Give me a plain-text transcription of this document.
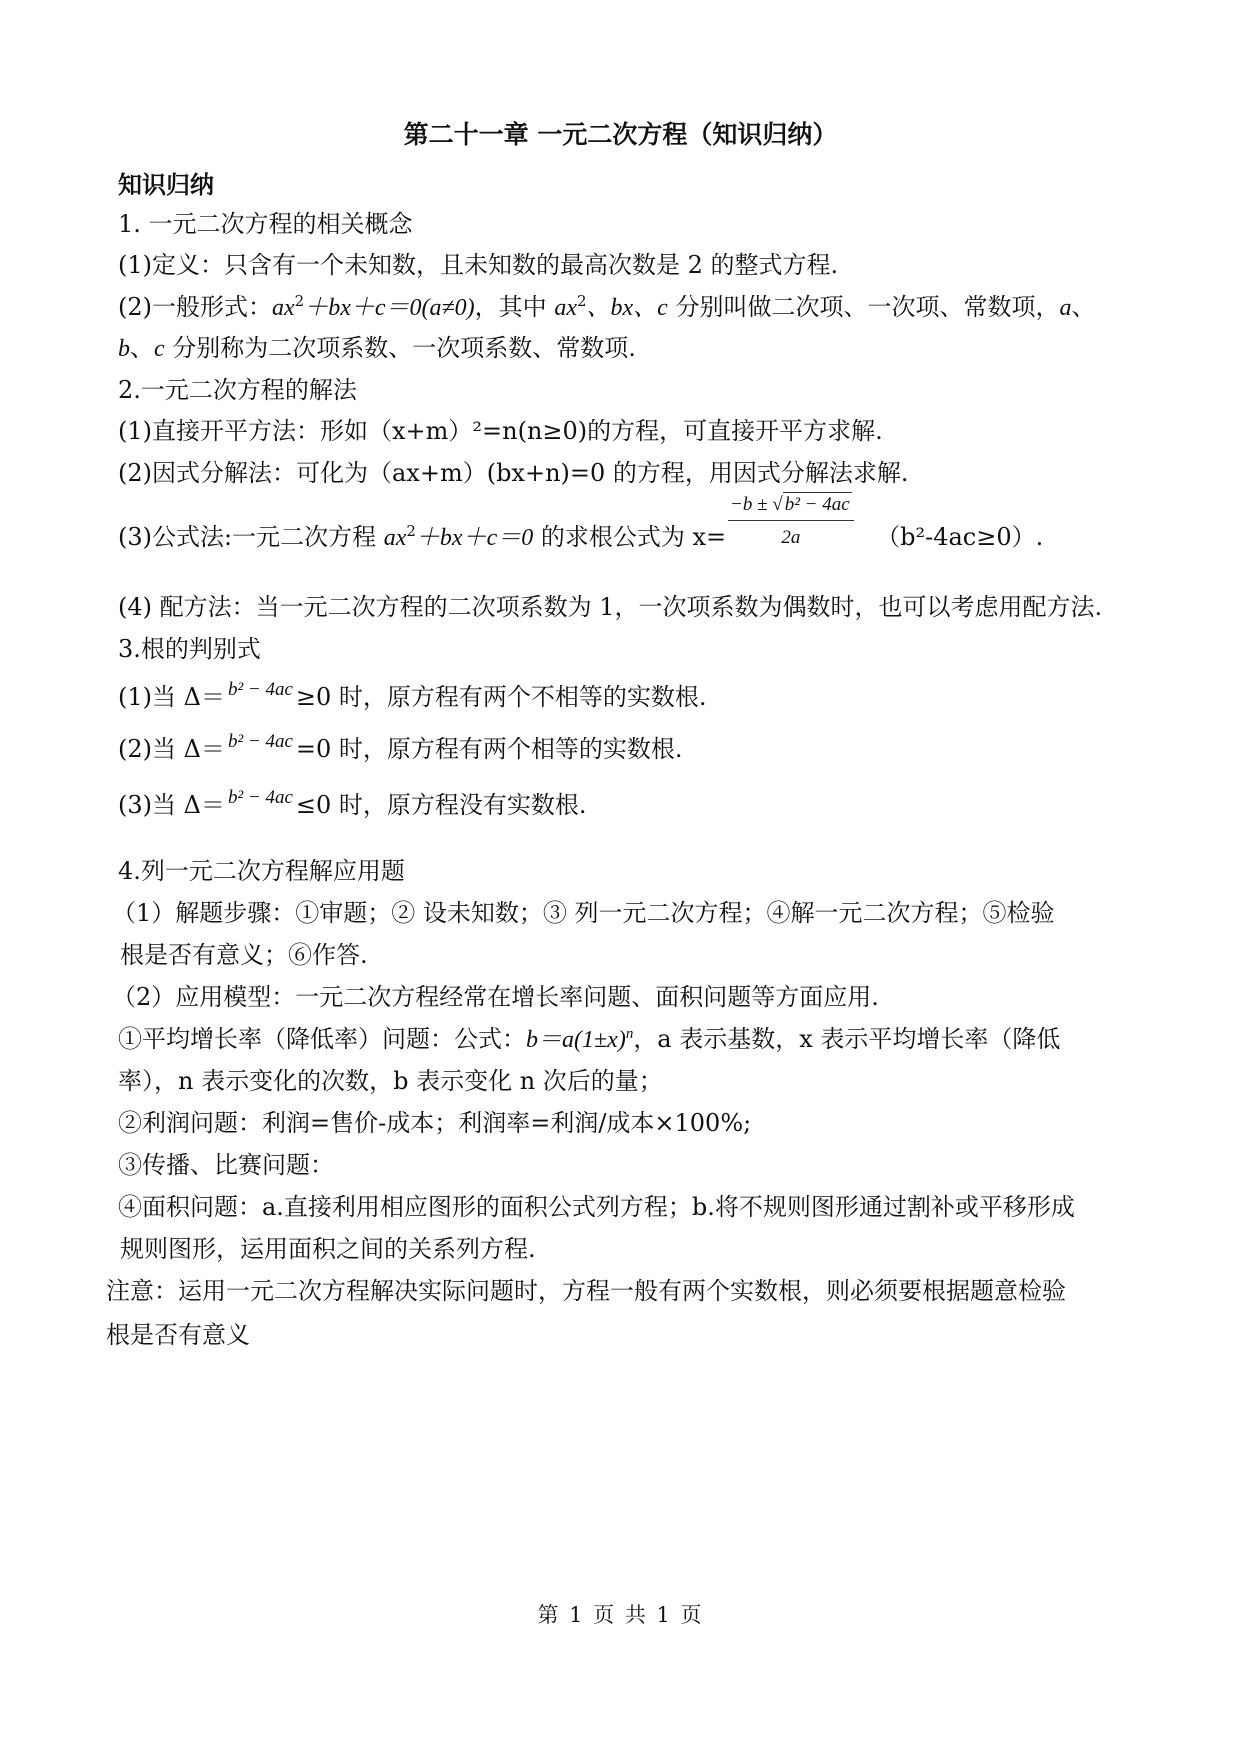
第二十一章 一元二次方程（知识归纳）
知识归纳
1. 一元二次方程的相关概念
(1)定义：只含有一个未知数，且未知数的最高次数是 2 的整式方程.
(2)一般形式：$ax^2+bx+c=0(a\ne 0)$，其中 $ax^2$、bx、c 分别叫做二次项、一次项、常数项，a、
b、c 分别称为二次项系数、一次项系数、常数项.
2.一元二次方程的解法
(1)直接开平方法：形如（x+m）²=n(n≥0)的方程，可直接开平方求解.
(2)因式分解法：可化为（ax+m）(bx+n)=0 的方程，用因式分解法求解.
(3)公式法:一元二次方程 $ax^2+bx+c=0$ 的求根公式为 x=	（b²-4ac≥0）.
$\frac{\text{−b ± √ b² − 4ac}}{2a}$
(4) 配方法：当一元二次方程的二次项系数为 1，一次项系数为偶数时，也可以考虑用配方法.
3.根的判别式
(1)当 Δ＝ b² − 4ac ≥0 时，原方程有两个不相等的实数根.
(2)当 Δ＝ b² − 4ac =0 时，原方程有两个相等的实数根.
(3)当 Δ＝ b² − 4ac ≤0 时，原方程没有实数根.
4.列一元二次方程解应用题
（1）解题步骤：①审题；② 设未知数；③ 列一元二次方程；④解一元二次方程；⑤检验
根是否有意义；⑥作答.
（2）应用模型：一元二次方程经常在增长率问题、面积问题等方面应用.
①平均增长率（降低率）问题：公式：$b=a(1\pm x)^n$，a 表示基数，x 表示平均增长率（降低
率），n 表示变化的次数，b 表示变化 n 次后的量；
②利润问题：利润=售价-成本；利润率=利润/成本×100%;
③传播、比赛问题：
④面积问题：a.直接利用相应图形的面积公式列方程；b.将不规则图形通过割补或平移形成
规则图形，运用面积之间的关系列方程.
注意：运用一元二次方程解决实际问题时，方程一般有两个实数根，则必须要根据题意检验
根是否有意义
第 1 页 共 1 页
